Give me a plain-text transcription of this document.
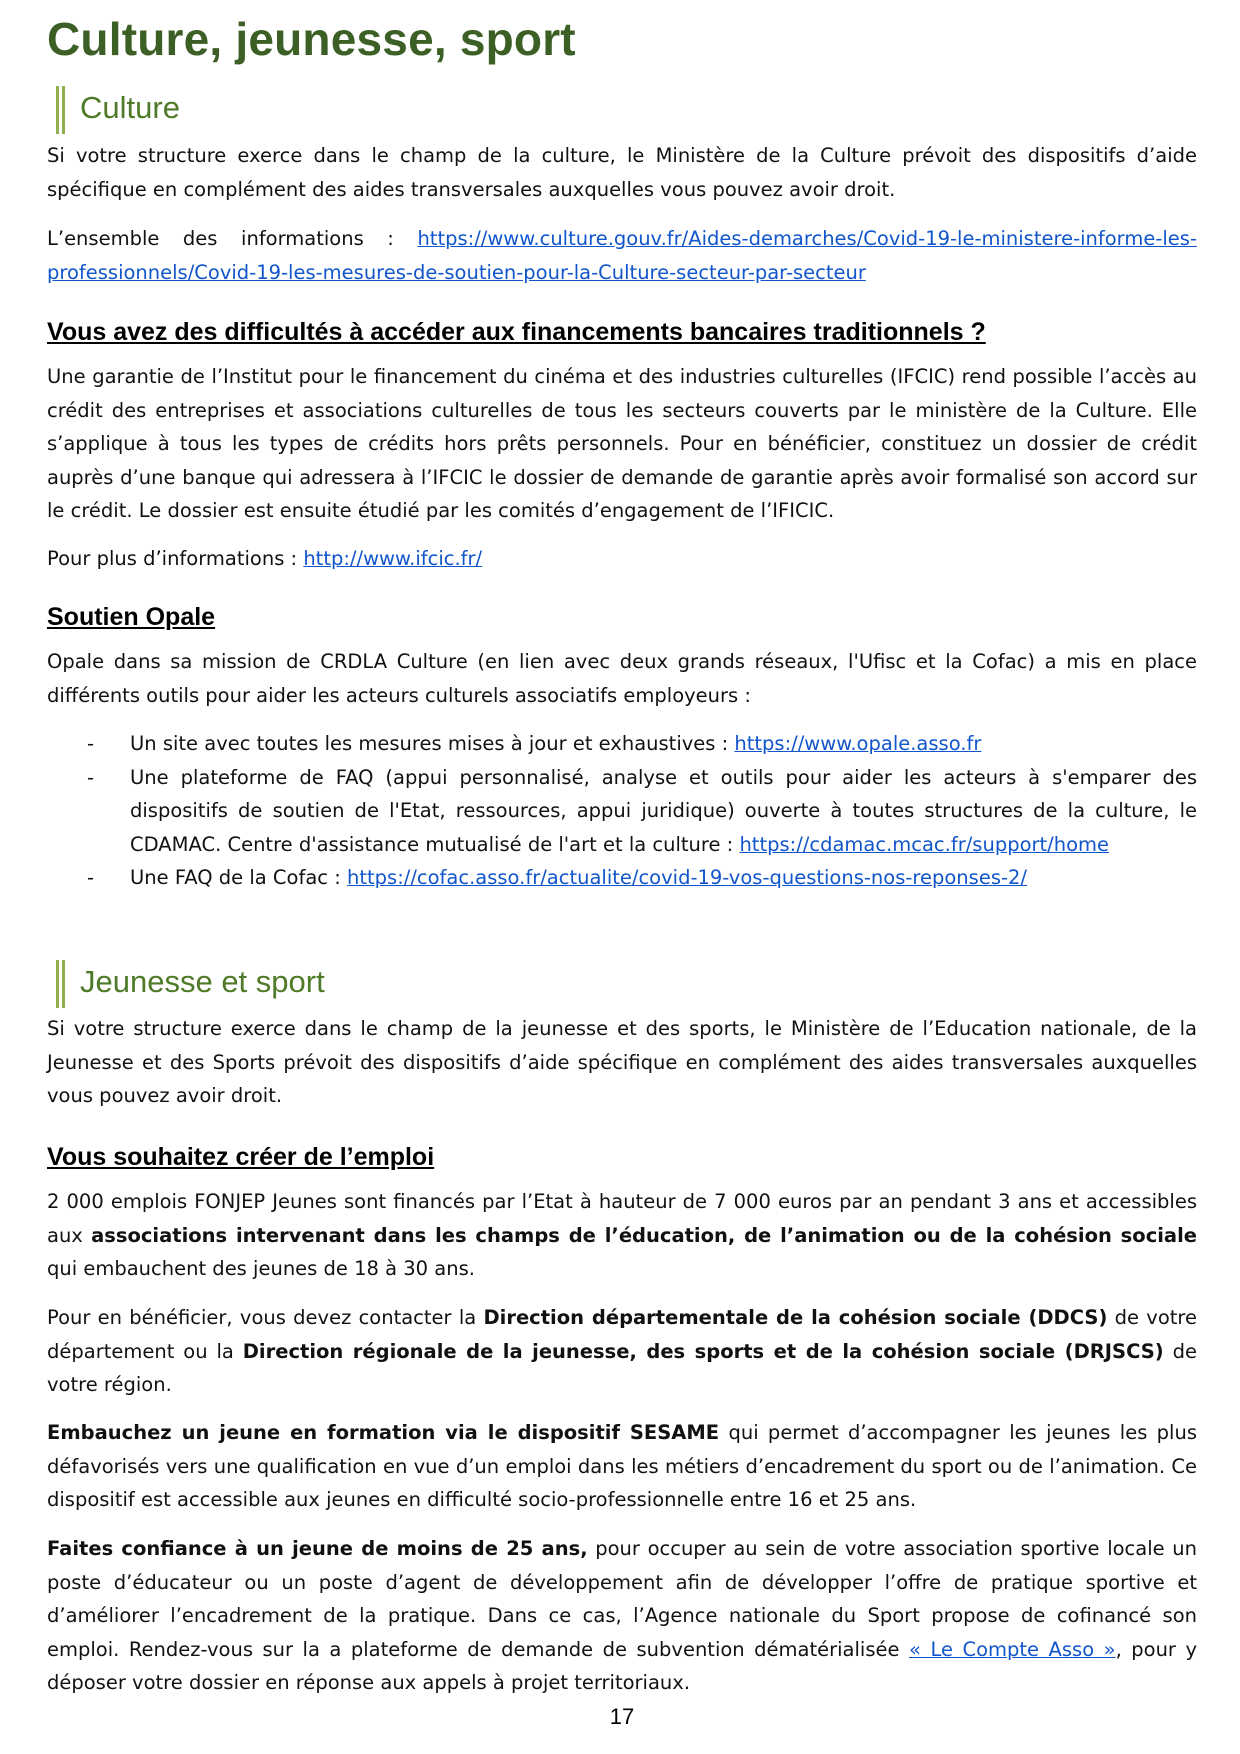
Culture, jeunesse, sport
Culture

Si votre structure exerce dans le champ de la culture, le Ministère de la Culture prévoit des dispositifs d’aide spécifique en complément des aides transversales auxquelles vous pouvez avoir droit.

L’ensemble des informations : https://www.culture.gouv.fr/Aides-demarches/Covid-19-le-ministere-informe-les-professionnels/Covid-19-les-mesures-de-soutien-pour-la-Culture-secteur-par-secteur

Vous avez des difficultés à accéder aux financements bancaires traditionnels ?

Une garantie de l’Institut pour le financement du cinéma et des industries culturelles (IFCIC) rend possible l’accès au crédit des entreprises et associations culturelles de tous les secteurs couverts par le ministère de la Culture. Elle s’applique à tous les types de crédits hors prêts personnels. Pour en bénéficier, constituez un dossier de crédit auprès d’une banque qui adressera à l’IFCIC le dossier de demande de garantie après avoir formalisé son accord sur le crédit. Le dossier est ensuite étudié par les comités d’engagement de l’IFICIC.

Pour plus d’informations : http://www.ifcic.fr/

Soutien Opale

Opale dans sa mission de CRDLA Culture (en lien avec deux grands réseaux, l'Ufisc et la Cofac) a mis en place différents outils pour aider les acteurs culturels associatifs employeurs :

- Un site avec toutes les mesures mises à jour et exhaustives : https://www.opale.asso.fr
- Une plateforme de FAQ (appui personnalisé, analyse et outils pour aider les acteurs à s'emparer des dispositifs de soutien de l'Etat, ressources, appui juridique) ouverte à toutes structures de la culture, le CDAMAC. Centre d'assistance mutualisé de l'art et la culture : https://cdamac.mcac.fr/support/home
- Une FAQ de la Cofac : https://cofac.asso.fr/actualite/covid-19-vos-questions-nos-reponses-2/
Jeunesse et sport

Si votre structure exerce dans le champ de la jeunesse et des sports, le Ministère de l’Education nationale, de la Jeunesse et des Sports prévoit des dispositifs d’aide spécifique en complément des aides transversales auxquelles vous pouvez avoir droit.

Vous souhaitez créer de l’emploi

2 000 emplois FONJEP Jeunes sont financés par l’Etat à hauteur de 7 000 euros par an pendant 3 ans et accessibles aux associations intervenant dans les champs de l’éducation, de l’animation ou de la cohésion sociale qui embauchent des jeunes de 18 à 30 ans.

Pour en bénéficier, vous devez contacter la Direction départementale de la cohésion sociale (DDCS) de votre département ou la Direction régionale de la jeunesse, des sports et de la cohésion sociale (DRJSCS) de votre région.

Embauchez un jeune en formation via le dispositif SESAME qui permet d’accompagner les jeunes les plus défavorisés vers une qualification en vue d’un emploi dans les métiers d’encadrement du sport ou de l’animation. Ce dispositif est accessible aux jeunes en difficulté socio-professionnelle entre 16 et 25 ans.

Faites confiance à un jeune de moins de 25 ans, pour occuper au sein de votre association sportive locale un poste d’éducateur ou un poste d’agent de développement afin de développer l’offre de pratique sportive et d’améliorer l’encadrement de la pratique. Dans ce cas, l’Agence nationale du Sport propose de cofinancé son emploi. Rendez-vous sur la a plateforme de demande de subvention dématérialisée « Le Compte Asso », pour y déposer votre dossier en réponse aux appels à projet territoriaux.

17
